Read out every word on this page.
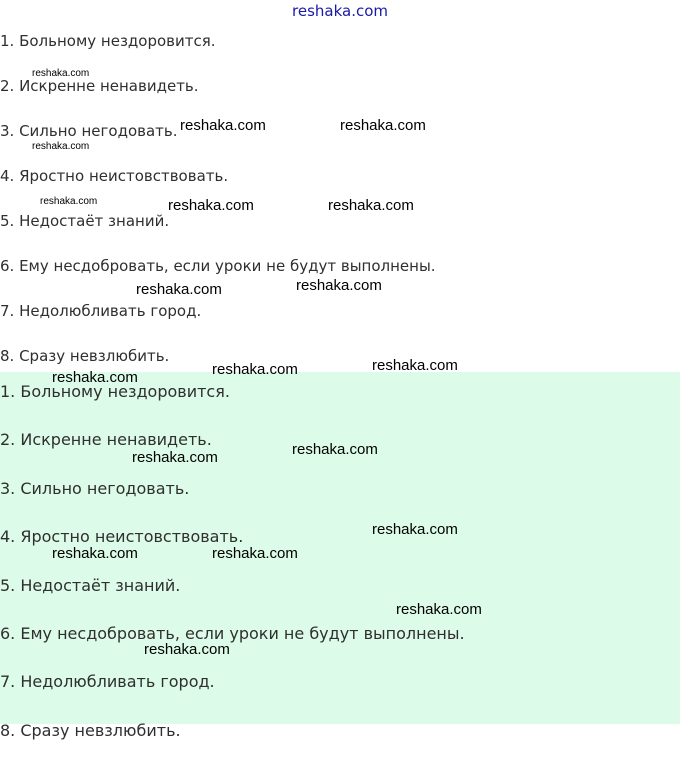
reshaka.com
1. Больному нездоровится.
2. Искренне ненавидеть.
3. Сильно негодовать.
4. Яростно неистовствовать.
5. Недостаёт знаний.
6. Ему несдобровать, если уроки не будут выполнены.
7. Недолюбливать город.
8. Сразу невзлюбить.
1. Больному нездоровится.
2. Искренне ненавидеть.
3. Сильно негодовать.
4. Яростно неистовствовать.
5. Недостаёт знаний.
6. Ему несдобровать, если уроки не будут выполнены.
7. Недолюбливать город.
8. Сразу невзлюбить.
reshaka.com
reshaka.com	reshaka.com
reshaka.com
reshaka.com	reshaka.com	reshaka.com
reshaka.com	reshaka.com
reshaka.com	reshaka.com
reshaka.com
reshaka.com	reshaka.com
reshaka.com
reshaka.com	reshaka.com
reshaka.com
reshaka.com
